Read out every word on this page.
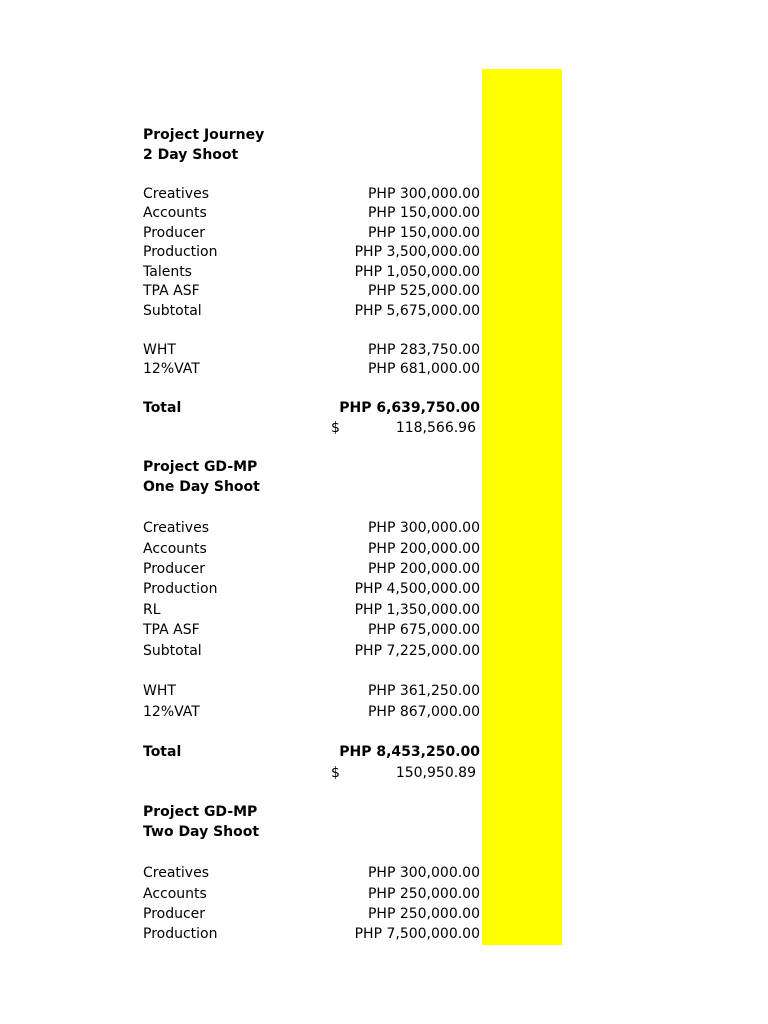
Project Journey
2 Day Shoot
Creatives	PHP 300,000.00
Accounts	PHP 150,000.00
Producer	PHP 150,000.00
Production	PHP 3,500,000.00
Talents	PHP 1,050,000.00
TPA ASF	PHP 525,000.00
Subtotal	PHP 5,675,000.00
WHT	PHP 283,750.00
12%VAT	PHP 681,000.00
Total	PHP 6,639,750.00
$	118,566.96
Project GD-MP
One Day Shoot
Creatives	PHP 300,000.00
Accounts	PHP 200,000.00
Producer	PHP 200,000.00
Production	PHP 4,500,000.00
RL	PHP 1,350,000.00
TPA ASF	PHP 675,000.00
Subtotal	PHP 7,225,000.00
WHT	PHP 361,250.00
12%VAT	PHP 867,000.00
Total	PHP 8,453,250.00
$	150,950.89
Project GD-MP
Two Day Shoot
Creatives	PHP 300,000.00
Accounts	PHP 250,000.00
Producer	PHP 250,000.00
Production	PHP 7,500,000.00
